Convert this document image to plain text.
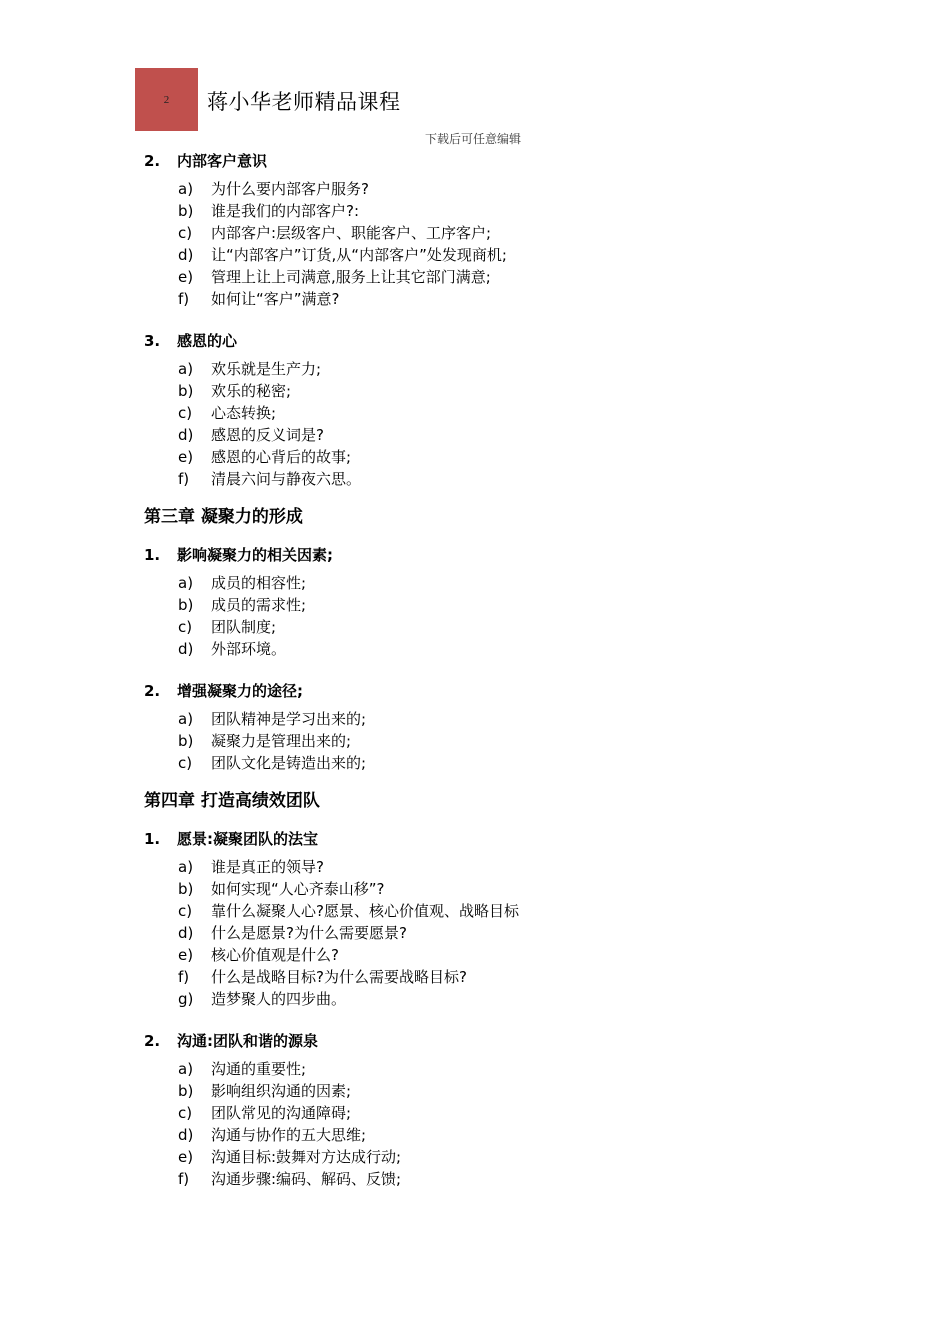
2 蒋小华老师精品课程
下载后可任意编辑
2.	内部客户意识
a)	为什么要内部客户服务?
b)	谁是我们的内部客户?:
c)	内部客户:层级客户、职能客户、工序客户;
d)	让“内部客户”订货,从“内部客户”处发现商机;
e)	管理上让上司满意,服务上让其它部门满意;
f)	如何让“客户”满意?
3.	感恩的心
a)	欢乐就是生产力;
b)	欢乐的秘密;
c)	心态转换;
d)	感恩的反义词是?
e)	感恩的心背后的故事;
f)	清晨六问与静夜六思。
第三章 凝聚力的形成
1.	影响凝聚力的相关因素;
a)	成员的相容性;
b)	成员的需求性;
c)	团队制度;
d)	外部环境。
2.	增强凝聚力的途径;
a)	团队精神是学习出来的;
b)	凝聚力是管理出来的;
c)	团队文化是铸造出来的;
第四章 打造高绩效团队
1.	愿景:凝聚团队的法宝
a)	谁是真正的领导?
b)	如何实现“人心齐泰山移”?
c)	靠什么凝聚人心?愿景、核心价值观、战略目标
d)	什么是愿景?为什么需要愿景?
e)	核心价值观是什么?
f)	什么是战略目标?为什么需要战略目标?
g)	造梦聚人的四步曲。
2.	沟通:团队和谐的源泉
a)	沟通的重要性;
b)	影响组织沟通的因素;
c)	团队常见的沟通障碍;
d)	沟通与协作的五大思维;
e)	沟通目标:鼓舞对方达成行动;
f)	沟通步骤:编码、解码、反馈;
